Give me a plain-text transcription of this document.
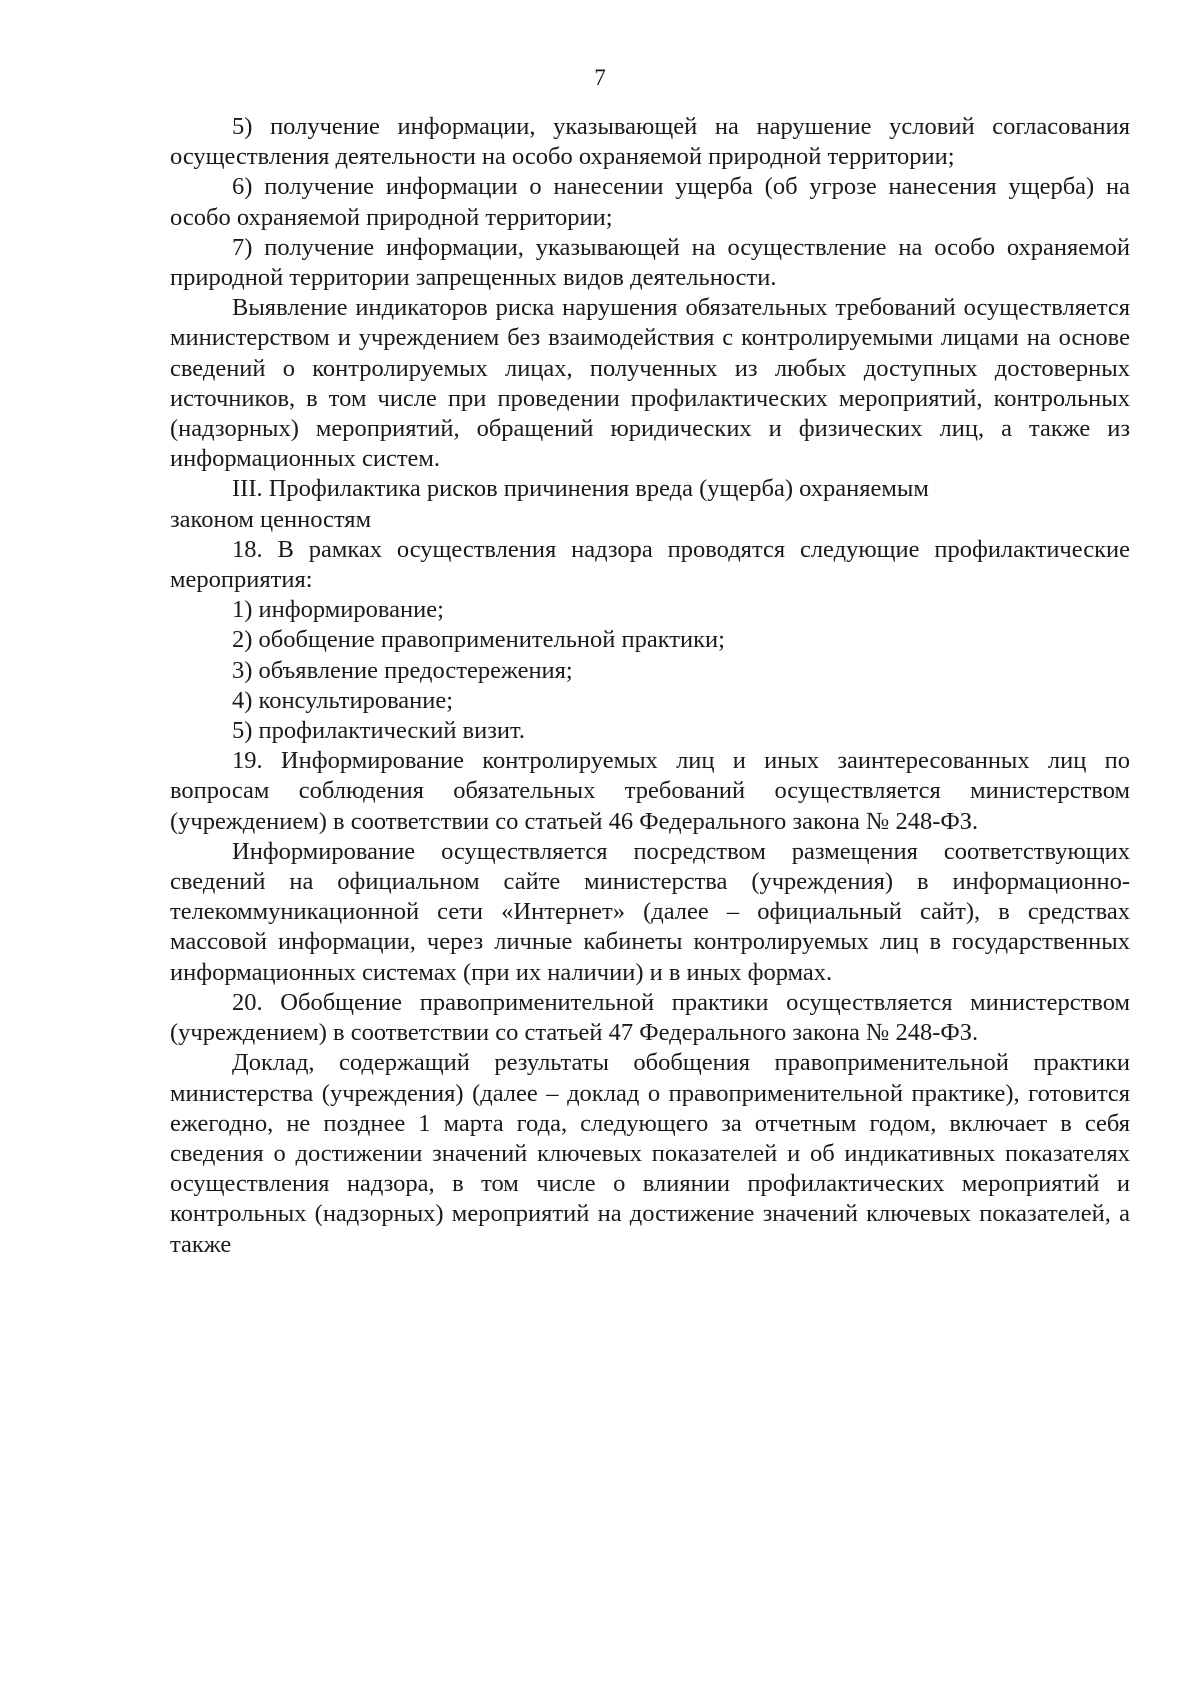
7

5) получение информации, указывающей на нарушение условий согласования осуществления деятельности на особо охраняемой природной территории;

6) получение информации о нанесении ущерба (об угрозе нанесения ущерба) на особо охраняемой природной территории;

7) получение информации, указывающей на осуществление на особо охраняемой природной территории запрещенных видов деятельности.

Выявление индикаторов риска нарушения обязательных требований осуществляется министерством и учреждением без взаимодействия с контролируемыми лицами на основе сведений о контролируемых лицах, полученных из любых доступных достоверных источников, в том числе при проведении профилактических мероприятий, контрольных (надзорных) мероприятий, обращений юридических и физических лиц, а также из информационных систем.

III. Профилактика рисков причинения вреда (ущерба) охраняемым
законом ценностям

18. В рамках осуществления надзора проводятся следующие профилактические мероприятия:

1) информирование;

2) обобщение правоприменительной практики;

3) объявление предостережения;

4) консультирование;

5) профилактический визит.

19. Информирование контролируемых лиц и иных заинтересованных лиц по вопросам соблюдения обязательных требований осуществляется министерством (учреждением) в соответствии со статьей 46 Федерального закона № 248-ФЗ.

Информирование осуществляется посредством размещения соответствующих сведений на официальном сайте министерства (учреждения) в информационно-телекоммуникационной сети «Интернет» (далее – официальный сайт), в средствах массовой информации, через личные кабинеты контролируемых лиц в государственных информационных системах (при их наличии) и в иных формах.

20. Обобщение правоприменительной практики осуществляется министерством (учреждением) в соответствии со статьей 47 Федерального закона № 248-ФЗ.

Доклад, содержащий результаты обобщения правоприменительной практики министерства (учреждения) (далее – доклад о правоприменительной практике), готовится ежегодно, не позднее 1 марта года, следующего за отчетным годом, включает в себя сведения о достижении значений ключевых показателей и об индикативных показателях осуществления надзора, в том числе о влиянии профилактических мероприятий и контрольных (надзорных) мероприятий на достижение значений ключевых показателей, а также
